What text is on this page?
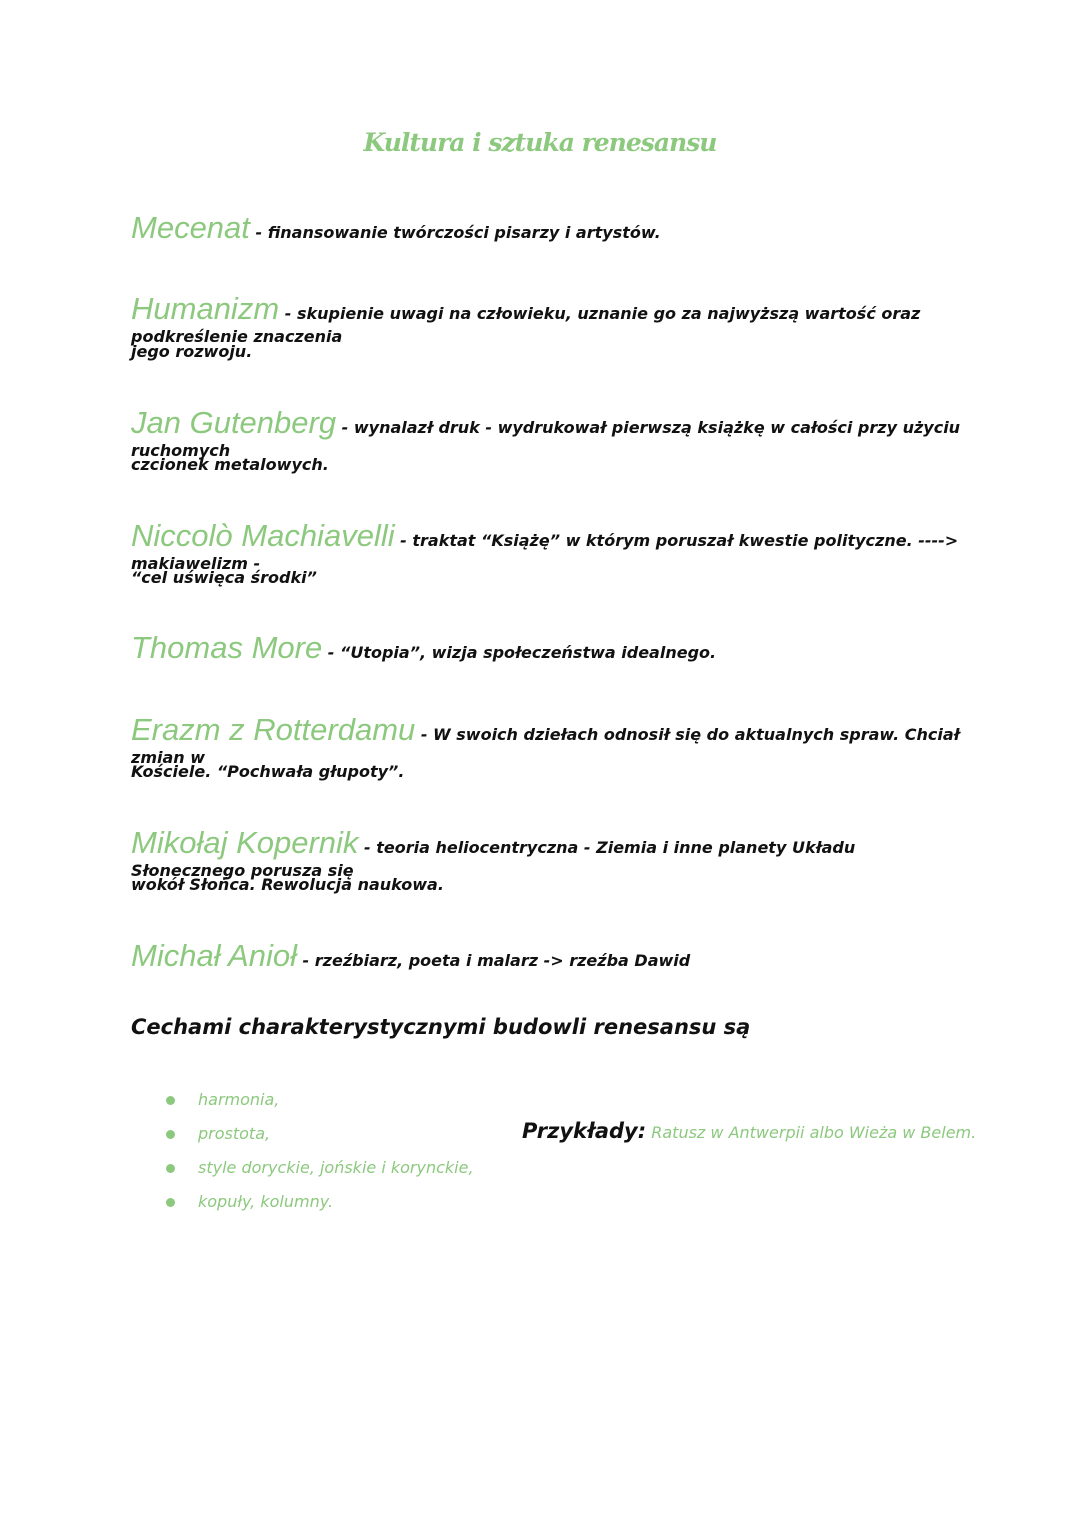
Kultura i sztuka renesansu
Mecenat - finansowanie twórczości pisarzy i artystów.
Humanizm - skupienie uwagi na człowieku, uznanie go za najwyższą wartość oraz podkreślenie znaczenia
jego rozwoju.
Jan Gutenberg - wynalazł druk - wydrukował pierwszą książkę w całości przy użyciu ruchomych
czcionek metalowych.
Niccolò Machiavelli - traktat “Książę” w którym poruszał kwestie polityczne. ----> makiawelizm -
“cel uświęca środki”
Thomas More - “Utopia”, wizja społeczeństwa idealnego.
Erazm z Rotterdamu - W swoich dziełach odnosił się do aktualnych spraw. Chciał zmian w
Kościele. “Pochwała głupoty”.
Mikołaj Kopernik - teoria heliocentryczna - Ziemia i inne planety Układu Słonecznego porusza się
wokół Słońca. Rewolucja naukowa.
Michał Anioł - rzeźbiarz, poeta i malarz -> rzeźba Dawid
Cechami charakterystycznymi budowli renesansu są
harmonia,
prostota,
style doryckie, jońskie i korynckie,
kopuły, kolumny.
Przykłady: Ratusz w Antwerpii albo Wieża w Belem.
